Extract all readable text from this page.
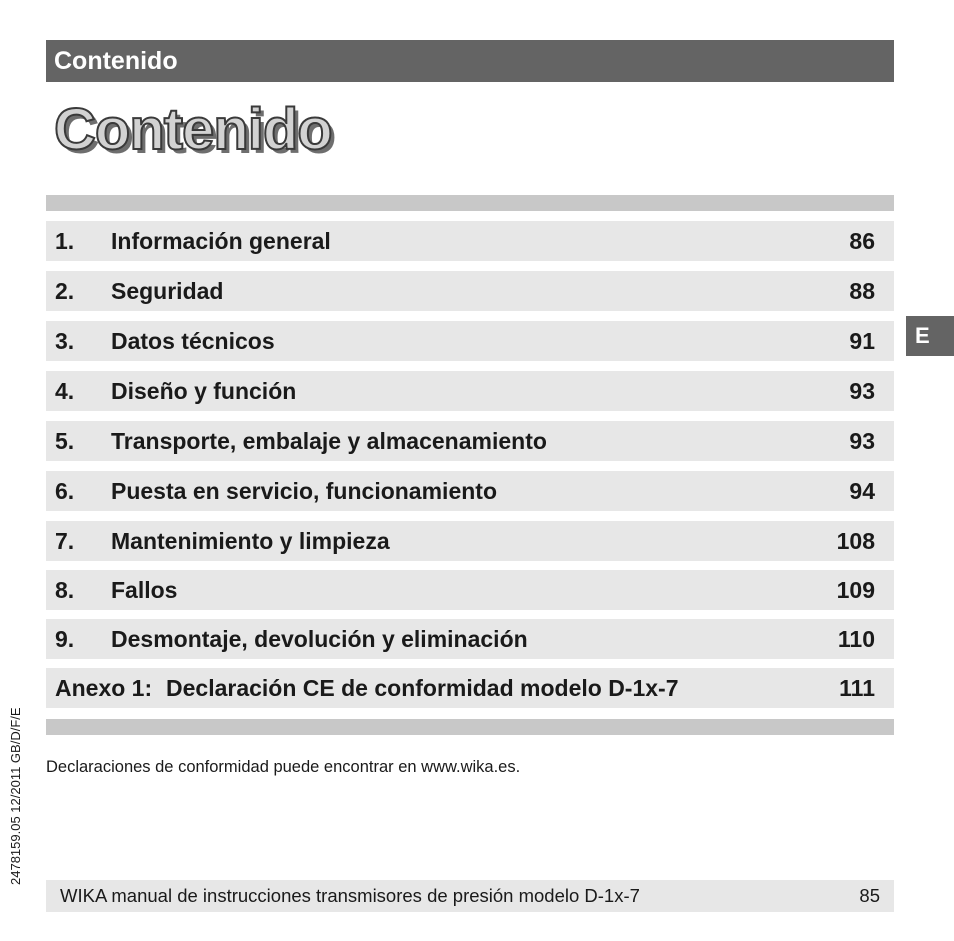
Contenido
Contenido
1. Información general	86
2. Seguridad	88
3. Datos técnicos	91
4. Diseño y función	93
5. Transporte, embalaje y almacenamiento	93
6. Puesta en servicio, funcionamiento	94
7. Mantenimiento y limpieza	108
8. Fallos	109
9. Desmontaje, devolución y eliminación	110
Anexo 1: Declaración CE de conformidad modelo D-1x-7	111
Declaraciones de conformidad puede encontrar en www.wika.es.
WIKA manual de instrucciones transmisores de presión modelo D-1x-7	85
E
2478159.05 12/2011 GB/D/F/E
